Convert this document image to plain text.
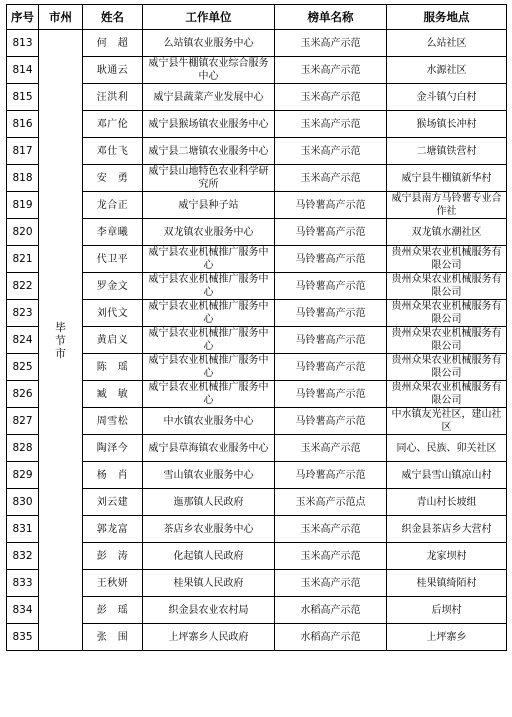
序号	市州	姓名	工作单位	榜单名称	服务地点
813	毕节市	何　超	么站镇农业服务中心	玉米高产示范	么站社区
814		耿通云	威宁县牛棚镇农业综合服务中心	玉米高产示范	水源社区
815		汪洪利	威宁县蔬菜产业发展中心	玉米高产示范	金斗镇勺白村
816		邓广伦	威宁县猴场镇农业服务中心	玉米高产示范	猴场镇长冲村
817		邓仕飞	威宁县二塘镇农业服务中心	玉米高产示范	二塘镇铁营村
818		安　勇	威宁县山地特色农业科学研究所	玉米高产示范	威宁县牛棚镇新华村
819		龙合正	威宁县种子站	马铃薯高产示范	威宁县南方马铃薯专业合作社
820		李章曦	双龙镇农业服务中心	马铃薯高产示范	双龙镇水潮社区
821		代卫平	威宁县农业机械推广服务中心	马铃薯高产示范	贵州众果农业机械服务有限公司
822		罗金文	威宁县农业机械推广服务中心	马铃薯高产示范	贵州众果农业机械服务有限公司
823		刘代文	威宁县农业机械推广服务中心	马铃薯高产示范	贵州众果农业机械服务有限公司
824		黄启义	威宁县农业机械推广服务中心	马铃薯高产示范	贵州众果农业机械服务有限公司
825		陈　瑶	威宁县农业机械推广服务中心	马铃薯高产示范	贵州众果农业机械服务有限公司
826		臧　敏	威宁县农业机械推广服务中心	马铃薯高产示范	贵州众果农业机械服务有限公司
827		周雪松	中水镇农业服务中心	马铃薯高产示范	中水镇友光社区，建山社区
828		陶泽今	威宁县草海镇农业服务中心	玉米高产示范	同心、民族、卯关社区
829		杨　肖	雪山镇农业服务中心	马玲薯高产示范	威宁县雪山镇凉山村
830		刘云建	迤那镇人民政府	玉米高产示范点	青山村长坡组
831		郭龙富	茶店乡农业服务中心	玉米高产示范	织金县茶店乡大营村
832		彭　涛	化起镇人民政府	玉米高产示范	龙家坝村
833		王秋妍	桂果镇人民政府	玉米高产示范	桂果镇绮陌村
834		彭　瑶	织金县农业农村局	水稻高产示范	后坝村
835		张　围	上坪寨乡人民政府	水稻高产示范	上坪寨乡
